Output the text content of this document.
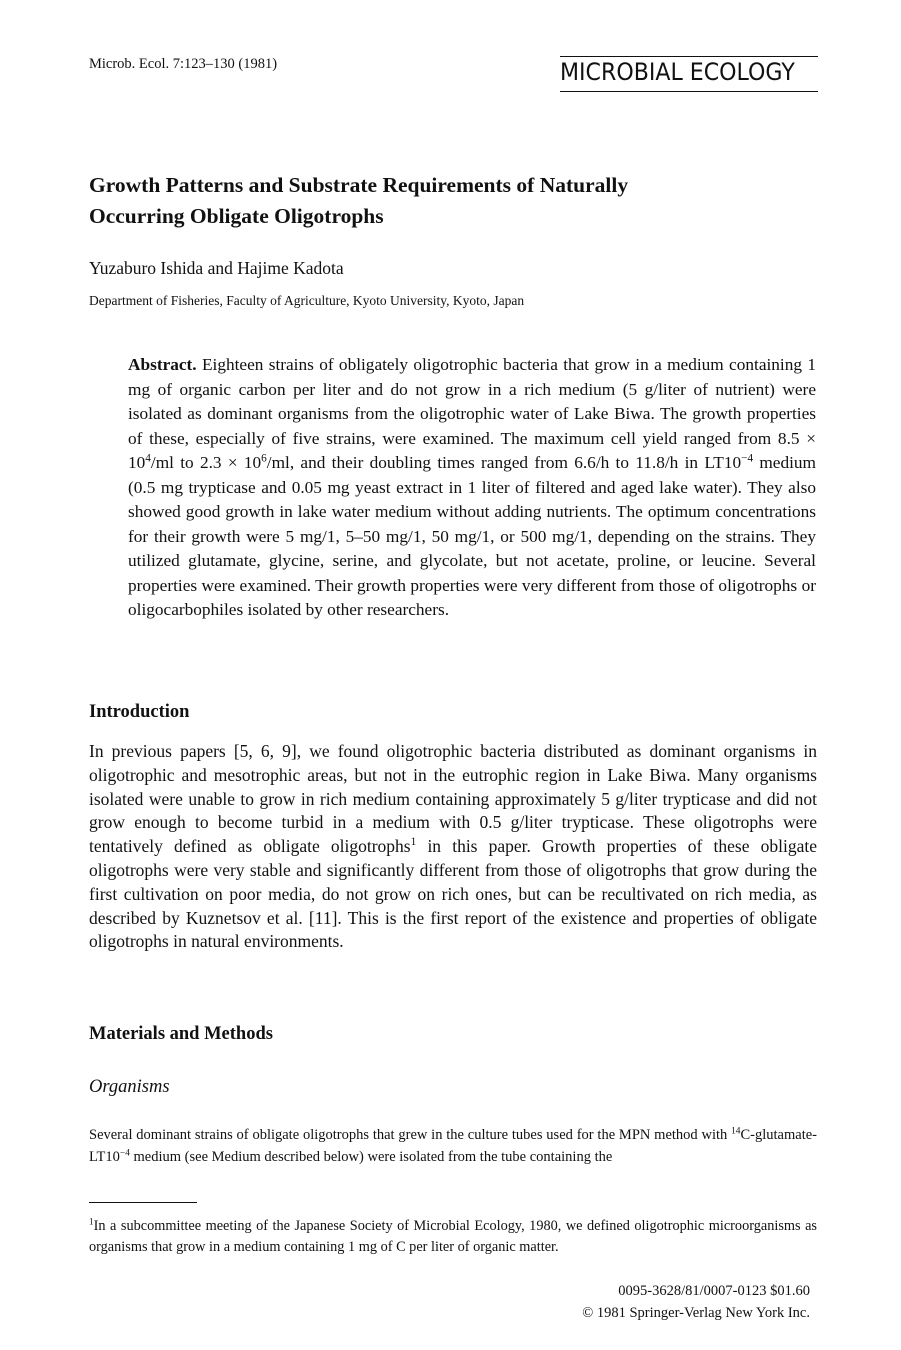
Microb. Ecol. 7:123–130 (1981)	MICROBIAL ECOLOGY
Growth Patterns and Substrate Requirements of Naturally
Occurring Obligate Oligotrophs
Yuzaburo Ishida and Hajime Kadota
Department of Fisheries, Faculty of Agriculture, Kyoto University, Kyoto, Japan
Abstract. Eighteen strains of obligately oligotrophic bacteria that grow in a medium containing 1 mg of organic carbon per liter and do not grow in a rich medium (5 g/liter of nutrient) were isolated as dominant organisms from the oligotrophic water of Lake Biwa. The growth properties of these, especially of five strains, were examined. The maximum cell yield ranged from $8.5 \times 10^4/ml$ to $2.3 \times 10^6/ml$, and their doubling times ranged from 6.6/h to 11.8/h in $LT10^{-4}$ medium (0.5 mg trypticase and 0.05 mg yeast extract in 1 liter of filtered and aged lake water). They also showed good growth in lake water medium without adding nutrients. The optimum concentrations for their growth were 5 mg/1, 5–50 mg/1, 50 mg/1, or 500 mg/1, depending on the strains. They utilized glutamate, glycine, serine, and glycolate, but not acetate, proline, or leucine. Several properties were examined. Their growth properties were very different from those of oligotrophs or oligocarbophiles isolated by other researchers.
Introduction
In previous papers [5, 6, 9], we found oligotrophic bacteria distributed as dominant organisms in oligotrophic and mesotrophic areas, but not in the eutrophic region in Lake Biwa. Many organisms isolated were unable to grow in rich medium containing approximately 5 g/liter trypticase and did not grow enough to become turbid in a medium with 0.5 g/liter trypticase. These oligotrophs were tentatively defined as obligate oligotrophs$^1$ in this paper. Growth properties of these obligate oligotrophs were very stable and significantly different from those of oligotrophs that grow during the first cultivation on poor media, do not grow on rich ones, but can be recultivated on rich media, as described by Kuznetsov et al. [11]. This is the first report of the existence and properties of obligate oligotrophs in natural environments.
Materials and Methods
Organisms
Several dominant strains of obligate oligotrophs that grew in the culture tubes used for the MPN method with $^{14}C-glutamate-LT10^{-4}$ medium (see Medium described below) were isolated from the tube containing the
$^1$In a subcommittee meeting of the Japanese Society of Microbial Ecology, 1980, we defined oligotrophic microorganisms as organisms that grow in a medium containing 1 mg of C per liter of organic matter.
0095-3628/81/0007-0123 $01.60
© 1981 Springer-Verlag New York Inc.
